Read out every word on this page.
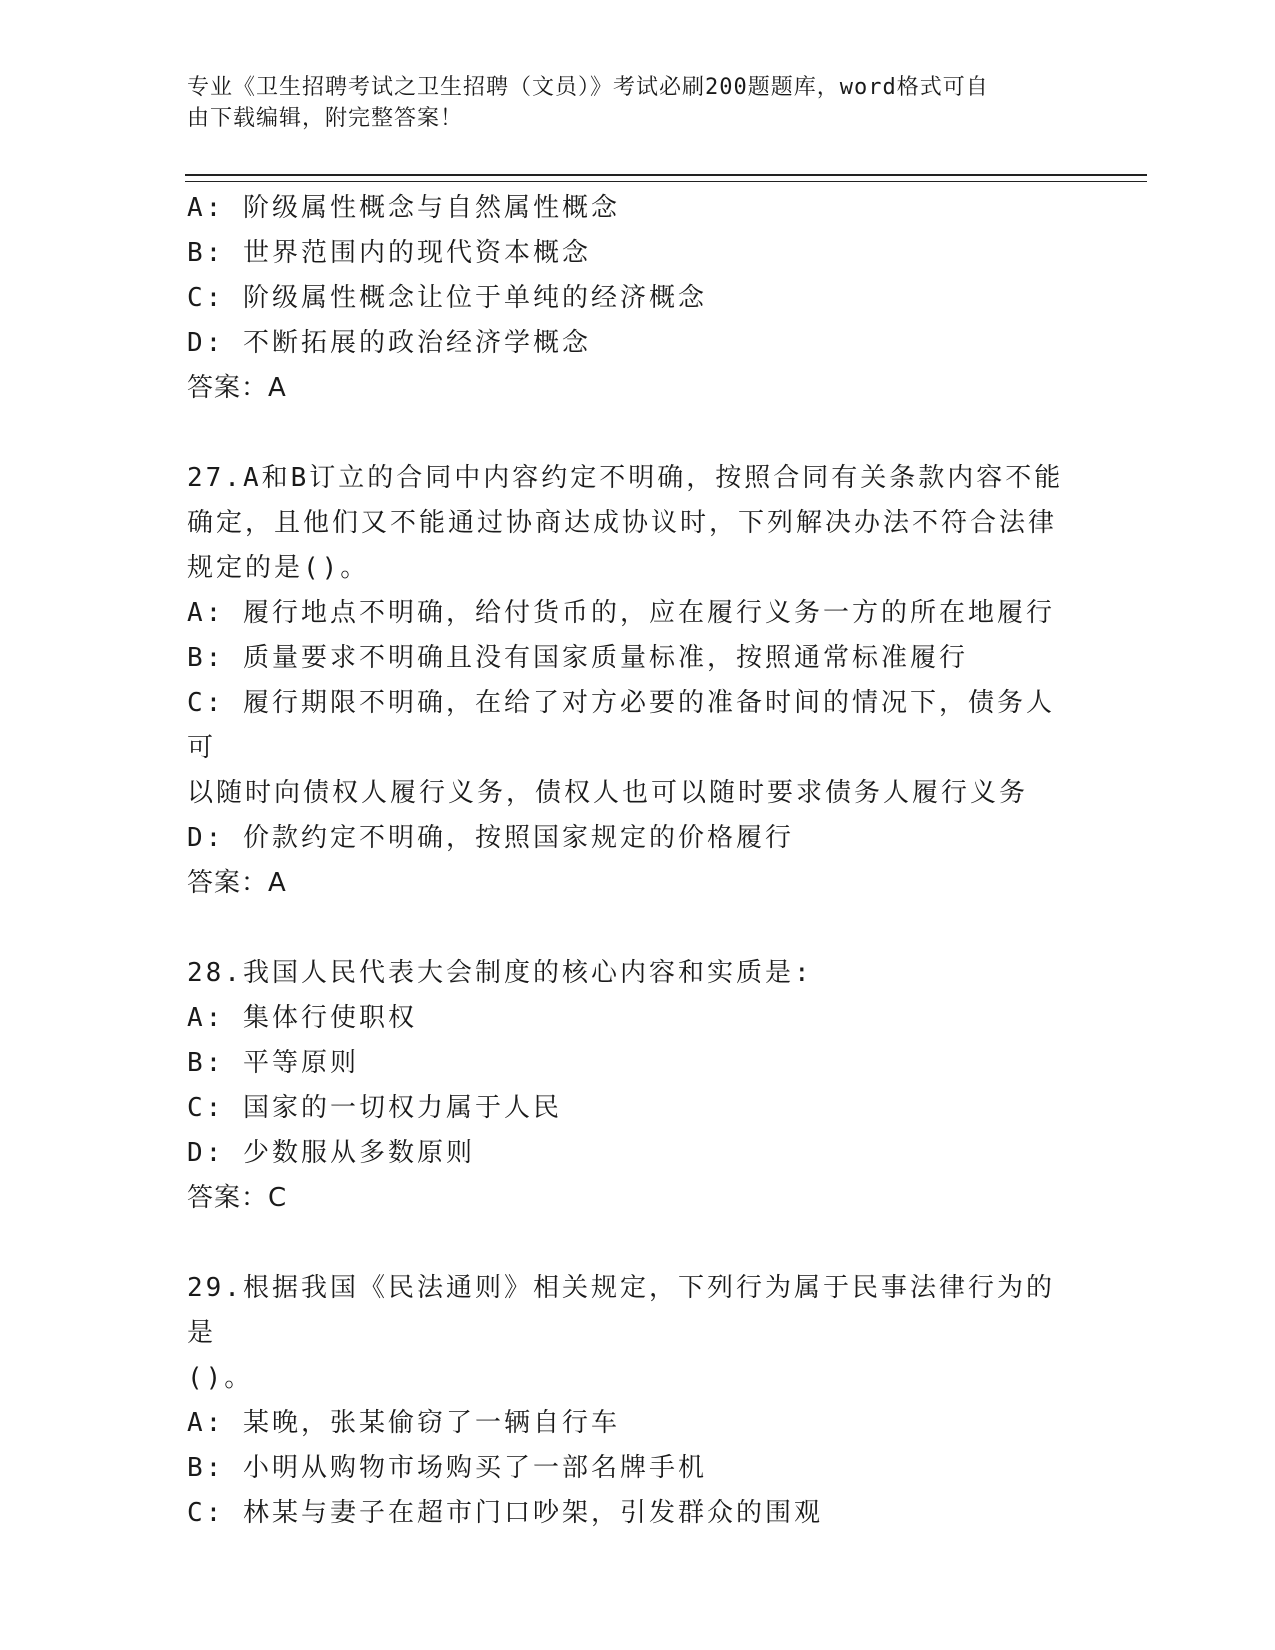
专业《卫生招聘考试之卫生招聘（文员）》考试必刷200题题库，word格式可自
由下载编辑，附完整答案！
A: 阶级属性概念与自然属性概念
B: 世界范围内的现代资本概念
C: 阶级属性概念让位于单纯的经济概念
D: 不断拓展的政治经济学概念
答案：A
27.A和B订立的合同中内容约定不明确，按照合同有关条款内容不能
确定，且他们又不能通过协商达成协议时，下列解决办法不符合法律
规定的是()。
A: 履行地点不明确，给付货币的，应在履行义务一方的所在地履行
B: 质量要求不明确且没有国家质量标准，按照通常标准履行
C: 履行期限不明确，在给了对方必要的准备时间的情况下，债务人可
以随时向债权人履行义务，债权人也可以随时要求债务人履行义务
D: 价款约定不明确，按照国家规定的价格履行
答案：A
28.我国人民代表大会制度的核心内容和实质是:
A: 集体行使职权
B: 平等原则
C: 国家的一切权力属于人民
D: 少数服从多数原则
答案：C
29.根据我国《民法通则》相关规定，下列行为属于民事法律行为的是
()。
A: 某晚，张某偷窃了一辆自行车
B: 小明从购物市场购买了一部名牌手机
C: 林某与妻子在超市门口吵架，引发群众的围观
